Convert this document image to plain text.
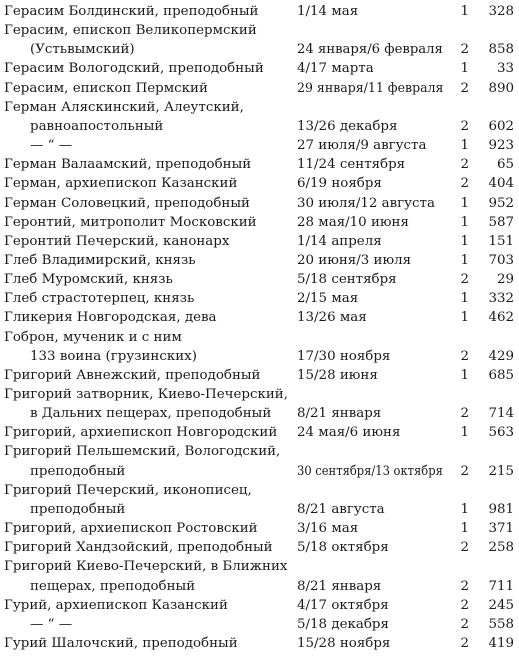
Герасим Болдинский, преподобный	1/14 мая	1	328
Герасим, епископ Великопермский
(Устьвымский)	24 января/6 февраля	2	858
Герасим Вологодский, преподобный 4/17 марта	1	33
Герасим, епископ Пермский	29 января/11 февраля	2	890
Герман Аляскинский, Алеутский,
равноапостольный	13/26 декабря	2	602
— “ —	27 июля/9 августа	1	923
Герман Валаамский, преподобный	11/24 сентября	2	65
Герман, архиепископ Казанский	6/19 ноября	2	404
Герман Соловецкий, преподобный	30 июля/12 августа	1	952
Геронтий, митрополит Московский	28 мая/10 июня	1	587
Геронтий Печерский, канонарх	1/14 апреля	1	151
Глеб Владимирский, князь	20 июня/3 июля	1	703
Глеб Муромский, князь	5/18 сентября	2	29
Глеб страстотерпец, князь	2/15 мая	1	332
Гликерия Новгородская, дева	13/26 мая	1	462
Гоброн, мученик и с ним
133 воина (грузинских)	17/30 ноября	2	429
Григорий Авнежский, преподобный	15/28 июня	1	685
Григорий затворник, Киево-Печерский,
в Дальних пещерах, преподобный 8/21 января	2	714
Григорий, архиепископ Новгородский 24 мая/6 июня	1	563
Григорий Пельшемский, Вологодский,
преподобный	30 сентября/13 октября	2	215
Григорий Печерский, иконописец,
преподобный	8/21 августа	1	981
Григорий, архиепископ Ростовский	3/16 мая	1	371
Григорий Хандзойский, преподобный 5/18 октября	2	258
Григорий Киево-Печерский, в Ближних
пещерах, преподобный	8/21 января	2	711
Гурий, архиепископ Казанский	4/17 октября	2	245
— “ —	5/18 декабря	2	558
Гурий Шалочский, преподобный	15/28 ноября	2	419
